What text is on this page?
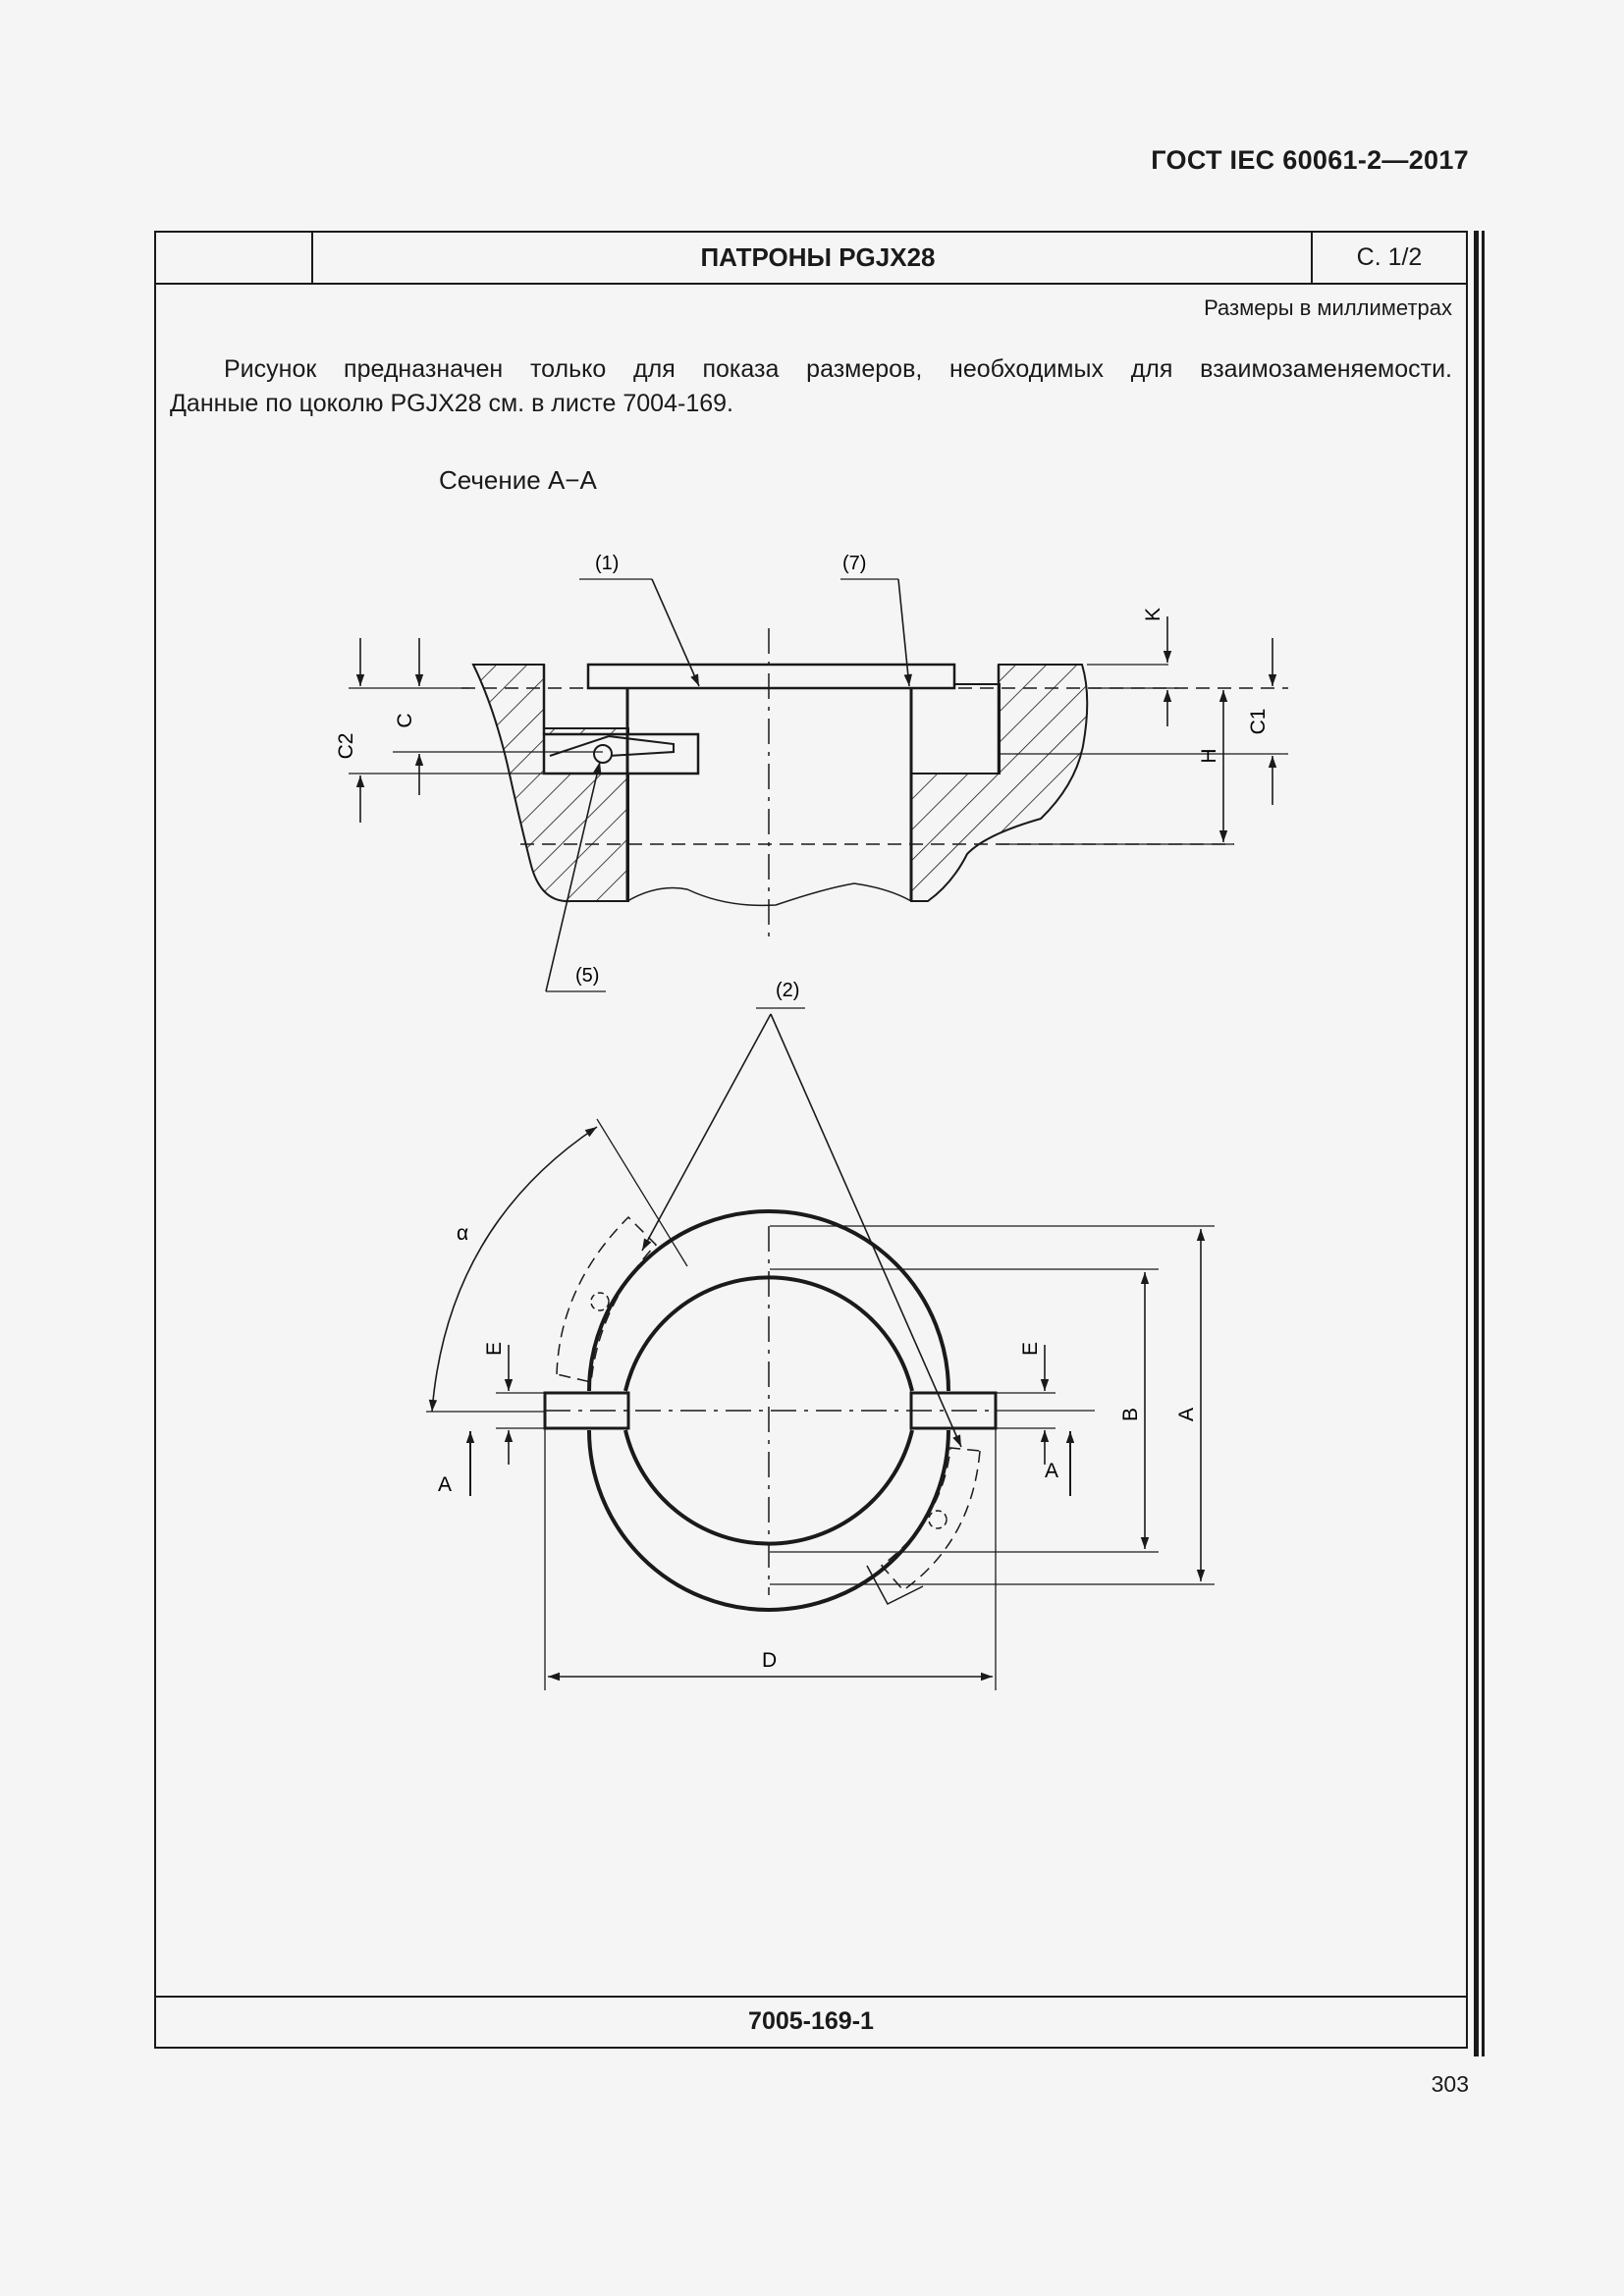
ГОСТ IEC 60061-2—2017
ПАТРОНЫ PGJX28	С. 1/2
Размеры в миллиметрах
Рисунок предназначен только для показа размеров, необходимых для взаимозаменяемости.
Данные по цоколю PGJX28 см. в листе 7004-169.
Сечение A−A
7005-169-1
(1)	(7)
(5)
(2)
C2
C
K
H
C1
α
E	E
A
A
B A
D
303
